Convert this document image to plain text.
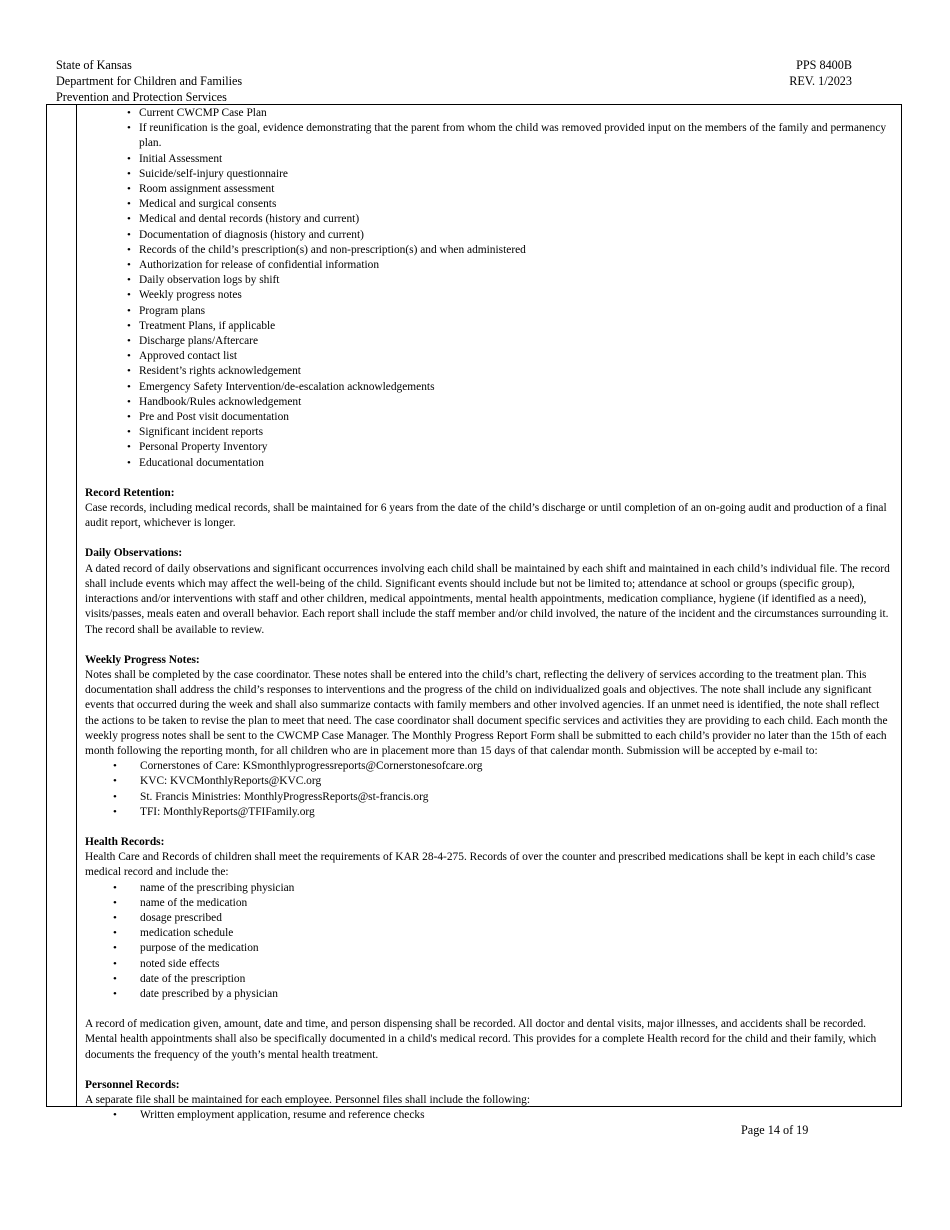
State of Kansas
Department for Children and Families
Prevention and Protection Services
PPS 8400B
REV. 1/2023
• Current CWCMP Case Plan
• If reunification is the goal, evidence demonstrating that the parent from whom the child was removed provided input on the members of the family and permanency plan.
• Initial Assessment
• Suicide/self-injury questionnaire
• Room assignment assessment
• Medical and surgical consents
• Medical and dental records (history and current)
• Documentation of diagnosis (history and current)
• Records of the child’s prescription(s) and non-prescription(s) and when administered
• Authorization for release of confidential information
• Daily observation logs by shift
• Weekly progress notes
• Program plans
• Treatment Plans, if applicable
• Discharge plans/Aftercare
• Approved contact list
• Resident’s rights acknowledgement
• Emergency Safety Intervention/de-escalation acknowledgements
• Handbook/Rules acknowledgement
• Pre and Post visit documentation
• Significant incident reports
• Personal Property Inventory
• Educational documentation
Record Retention:

Case records, including medical records, shall be maintained for 6 years from the date of the child’s discharge or until completion of an on-going audit and production of a final audit report, whichever is longer.

Daily Observations:

A dated record of daily observations and significant occurrences involving each child shall be maintained by each shift and maintained in each child’s individual file. The record shall include events which may affect the well-being of the child. Significant events should include but not be limited to; attendance at school or groups (specific group), interactions and/or interventions with staff and other children, medical appointments, mental health appointments, medication compliance, hygiene (if identified as a need), visits/passes, meals eaten and overall behavior. Each report shall include the staff member and/or child involved, the nature of the incident and the circumstances surrounding it. The record shall be available to review.

Weekly Progress Notes:

Notes shall be completed by the case coordinator. These notes shall be entered into the child’s chart, reflecting the delivery of services according to the treatment plan. This documentation shall address the child’s responses to interventions and the progress of the child on individualized goals and objectives. The note shall include any significant events that occurred during the week and shall also summarize contacts with family members and other involved agencies. If an unmet need is identified, the note shall reflect the actions to be taken to revise the plan to meet that need. The case coordinator shall document specific services and activities they are providing to each child. Each month the weekly progress notes shall be sent to the CWCMP Case Manager. The Monthly Progress Report Form shall be submitted to each child’s provider no later than the 15th of each month following the reporting month, for all children who are in placement more than 15 days of that calendar month. Submission will be accepted by e-mail to:

• Cornerstones of Care: KSmonthlyprogressreports@Cornerstonesofcare.org
• KVC: KVCMonthlyReports@KVC.org
• St. Francis Ministries: MonthlyProgressReports@st-francis.org
• TFI: MonthlyReports@TFIFamily.org
Health Records:

Health Care and Records of children shall meet the requirements of KAR 28-4-275. Records of over the counter and prescribed medications shall be kept in each child’s case medical record and include the:

• name of the prescribing physician
• name of the medication
• dosage prescribed
• medication schedule
• purpose of the medication
• noted side effects
• date of the prescription
• date prescribed by a physician

A record of medication given, amount, date and time, and person dispensing shall be recorded. All doctor and dental visits, major illnesses, and accidents shall be recorded. Mental health appointments shall also be specifically documented in a child's medical record. This provides for a complete Health record for the child and their family, which documents the frequency of the youth’s mental health treatment.

Personnel Records:

A separate file shall be maintained for each employee. Personnel files shall include the following:

• Written employment application, resume and reference checks
Page 14 of 19
